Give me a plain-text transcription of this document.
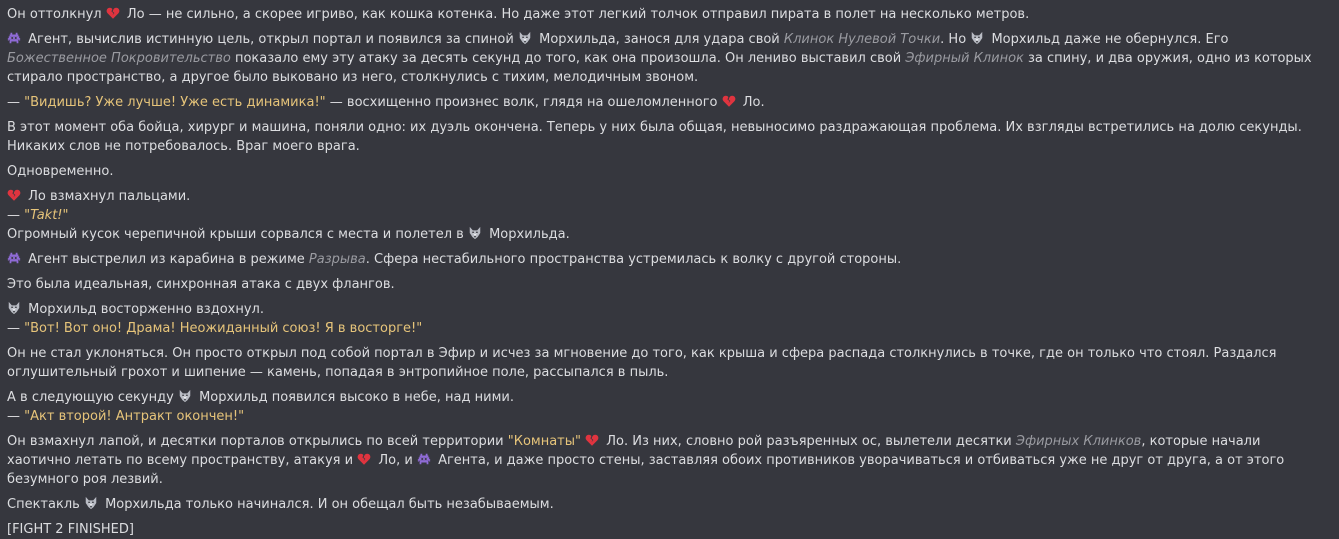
Он оттолкнул  Ло — не сильно, а скорее игриво, как кошка котенка. Но даже этот легкий толчок отправил пирата в полет на несколько метров.
Агент, вычислив истинную цель, открыл портал и появился за спиной  Морхильда, занося для удара свой Клинок Нулевой Точки. Но  Морхильд даже не обернулся. Его Божественное Покровительство показало ему эту атаку за десять секунд до того, как она произошла. Он лениво выставил свой Эфирный Клинок за спину, и два оружия, одно из которых стирало пространство, а другое было выковано из него, столкнулись с тихим, мелодичным звоном.
— "Видишь? Уже лучше! Уже есть динамика!" — восхищенно произнес волк, глядя на ошеломленного  Ло.
В этот момент оба бойца, хирург и машина, поняли одно: их дуэль окончена. Теперь у них была общая, невыносимо раздражающая проблема. Их взгляды встретились на долю секунды. Никаких слов не потребовалось. Враг моего врага.
Одновременно.
Ло взмахнул пальцами.
— "Takt!"
Огромный кусок черепичной крыши сорвался с места и полетел в  Морхильда.
Агент выстрелил из карабина в режиме Разрыва. Сфера нестабильного пространства устремилась к волку с другой стороны.
Это была идеальная, синхронная атака с двух флангов.
Морхильд восторженно вздохнул.
— "Вот! Вот оно! Драма! Неожиданный союз! Я в восторге!"
Он не стал уклоняться. Он просто открыл под собой портал в Эфир и исчез за мгновение до того, как крыша и сфера распада столкнулись в точке, где он только что стоял. Раздался оглушительный грохот и шипение — камень, попадая в энтропийное поле, рассыпался в пыль.
А в следующую секунду  Морхильд появился высоко в небе, над ними.
— "Акт второй! Антракт окончен!"
Он взмахнул лапой, и десятки порталов открылись по всей территории "Комнаты" Ло. Из них, словно рой разъяренных ос, вылетели десятки Эфирных Клинков, которые начали хаотично летать по всему пространству, атакуя и  Ло, и  Агента, и даже просто стены, заставляя обоих противников уворачиваться и отбиваться уже не друг от друга, а от этого безумного роя лезвий.
Спектакль  Морхильда только начинался. И он обещал быть незабываемым.
[FIGHT 2 FINISHED]
